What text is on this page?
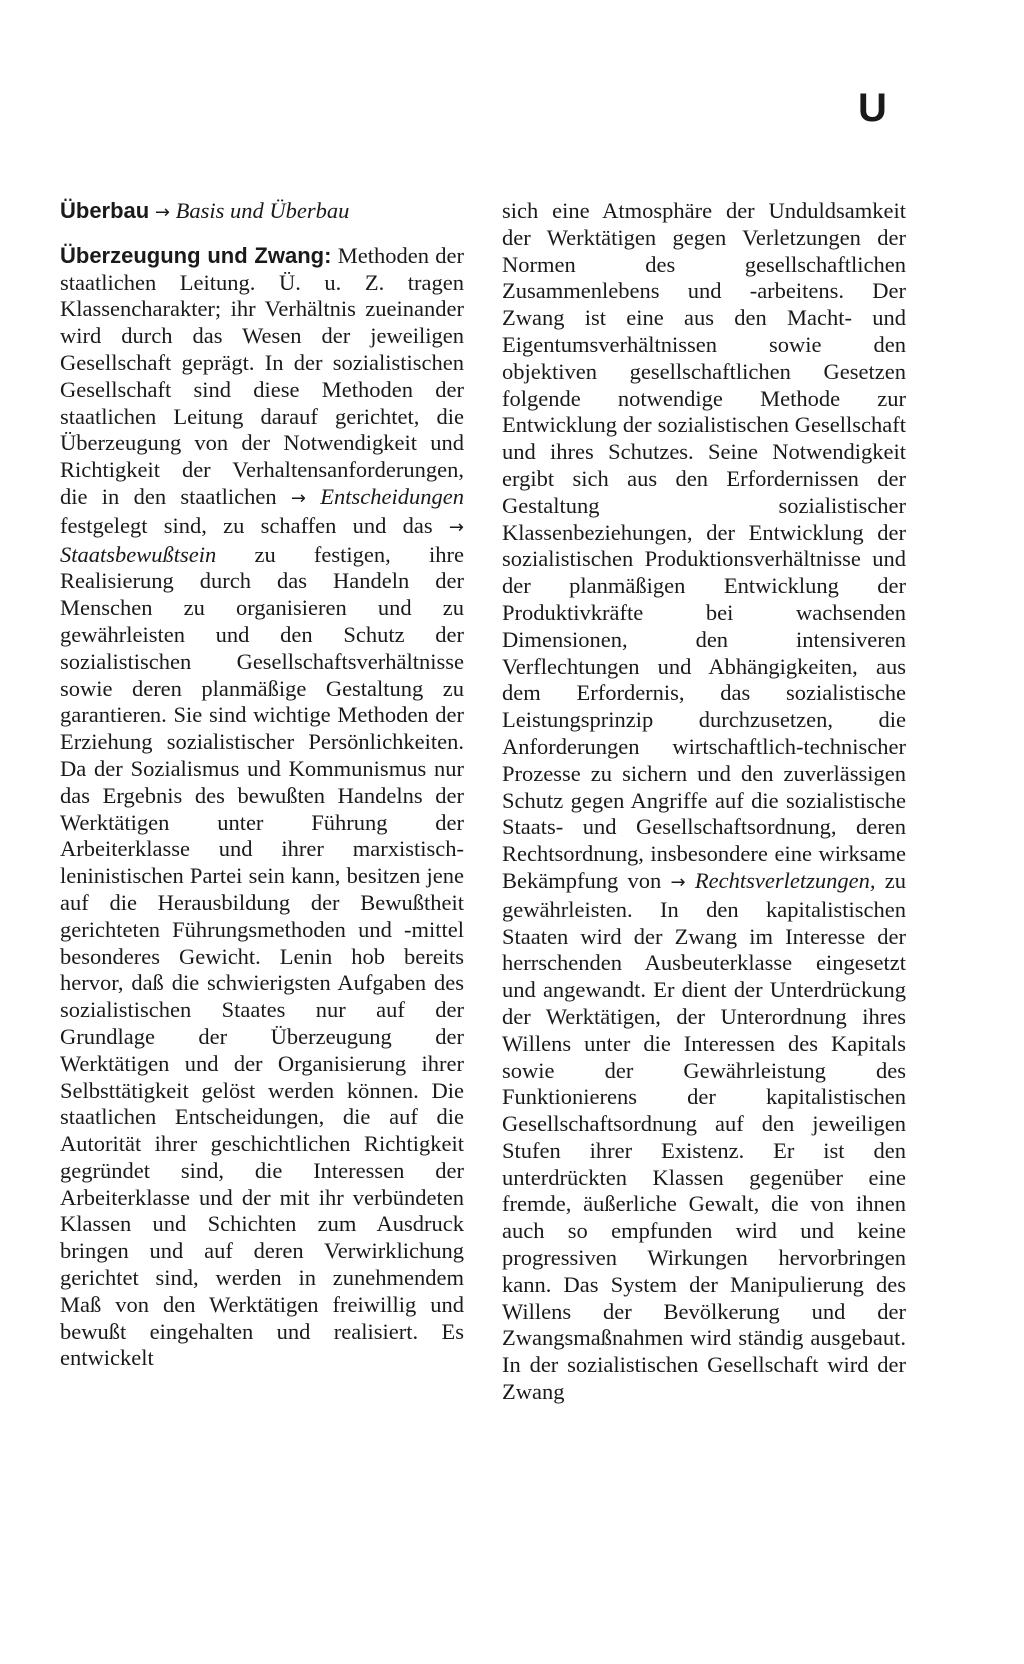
U

Überbau → Basis und Überbau

Überzeugung und Zwang: Methoden der staatlichen Leitung. Ü. u. Z. tragen Klassencharakter; ihr Verhältnis zueinander wird durch das Wesen der jeweiligen Gesellschaft geprägt. In der sozialistischen Gesellschaft sind diese Methoden der staatlichen Leitung darauf gerichtet, die Überzeugung von der Notwendigkeit und Richtigkeit der Verhaltensanforderungen, die in den staatlichen → Entscheidungen festgelegt sind, zu schaffen und das → Staatsbewußtsein zu festigen, ihre Realisierung durch das Handeln der Menschen zu organisieren und zu gewährleisten und den Schutz der sozialistischen Gesellschaftsverhältnisse sowie deren planmäßige Gestaltung zu garantieren. Sie sind wichtige Methoden der Erziehung sozialistischer Persönlichkeiten. Da der Sozialismus und Kommunismus nur das Ergebnis des bewußten Handelns der Werktätigen unter Führung der Arbeiterklasse und ihrer marxistisch-leninistischen Partei sein kann, besitzen jene auf die Herausbildung der Bewußtheit gerichteten Führungsmethoden und -mittel besonderes Gewicht. Lenin hob bereits hervor, daß die schwierigsten Aufgaben des sozialistischen Staates nur auf der Grundlage der Überzeugung der Werktätigen und der Organisierung ihrer Selbsttätigkeit gelöst werden können. Die staatlichen Entscheidungen, die auf die Autorität ihrer geschichtlichen Richtigkeit gegründet sind, die Interessen der Arbeiterklasse und der mit ihr verbündeten Klassen und Schichten zum Ausdruck bringen und auf deren Verwirklichung gerichtet sind, werden in zunehmendem Maß von den Werktätigen freiwillig und bewußt eingehalten und realisiert. Es entwickelt

sich eine Atmosphäre der Unduldsamkeit der Werktätigen gegen Verletzungen der Normen des gesellschaftlichen Zusammenlebens und -arbeitens. Der Zwang ist eine aus den Macht- und Eigentumsverhältnissen sowie den objektiven gesellschaftlichen Gesetzen folgende notwendige Methode zur Entwicklung der sozialistischen Gesellschaft und ihres Schutzes. Seine Notwendigkeit ergibt sich aus den Erfordernissen der Gestaltung sozialistischer Klassenbeziehungen, der Entwicklung der sozialistischen Produktionsverhältnisse und der planmäßigen Entwicklung der Produktivkräfte bei wachsenden Dimensionen, den intensiveren Verflechtungen und Abhängigkeiten, aus dem Erfordernis, das sozialistische Leistungsprinzip durchzusetzen, die Anforderungen wirtschaftlich-technischer Prozesse zu sichern und den zuverlässigen Schutz gegen Angriffe auf die sozialistische Staats- und Gesellschaftsordnung, deren Rechtsordnung, insbesondere eine wirksame Bekämpfung von → Rechtsverletzungen, zu gewährleisten. In den kapitalistischen Staaten wird der Zwang im Interesse der herrschenden Ausbeuterklasse eingesetzt und angewandt. Er dient der Unterdrückung der Werktätigen, der Unterordnung ihres Willens unter die Interessen des Kapitals sowie der Gewährleistung des Funktionierens der kapitalistischen Gesellschaftsordnung auf den jeweiligen Stufen ihrer Existenz. Er ist den unterdrückten Klassen gegenüber eine fremde, äußerliche Gewalt, die von ihnen auch so empfunden wird und keine progressiven Wirkungen hervorbringen kann. Das System der Manipulierung des Willens der Bevölkerung und der Zwangsmaßnahmen wird ständig ausgebaut. In der sozialistischen Gesellschaft wird der Zwang
